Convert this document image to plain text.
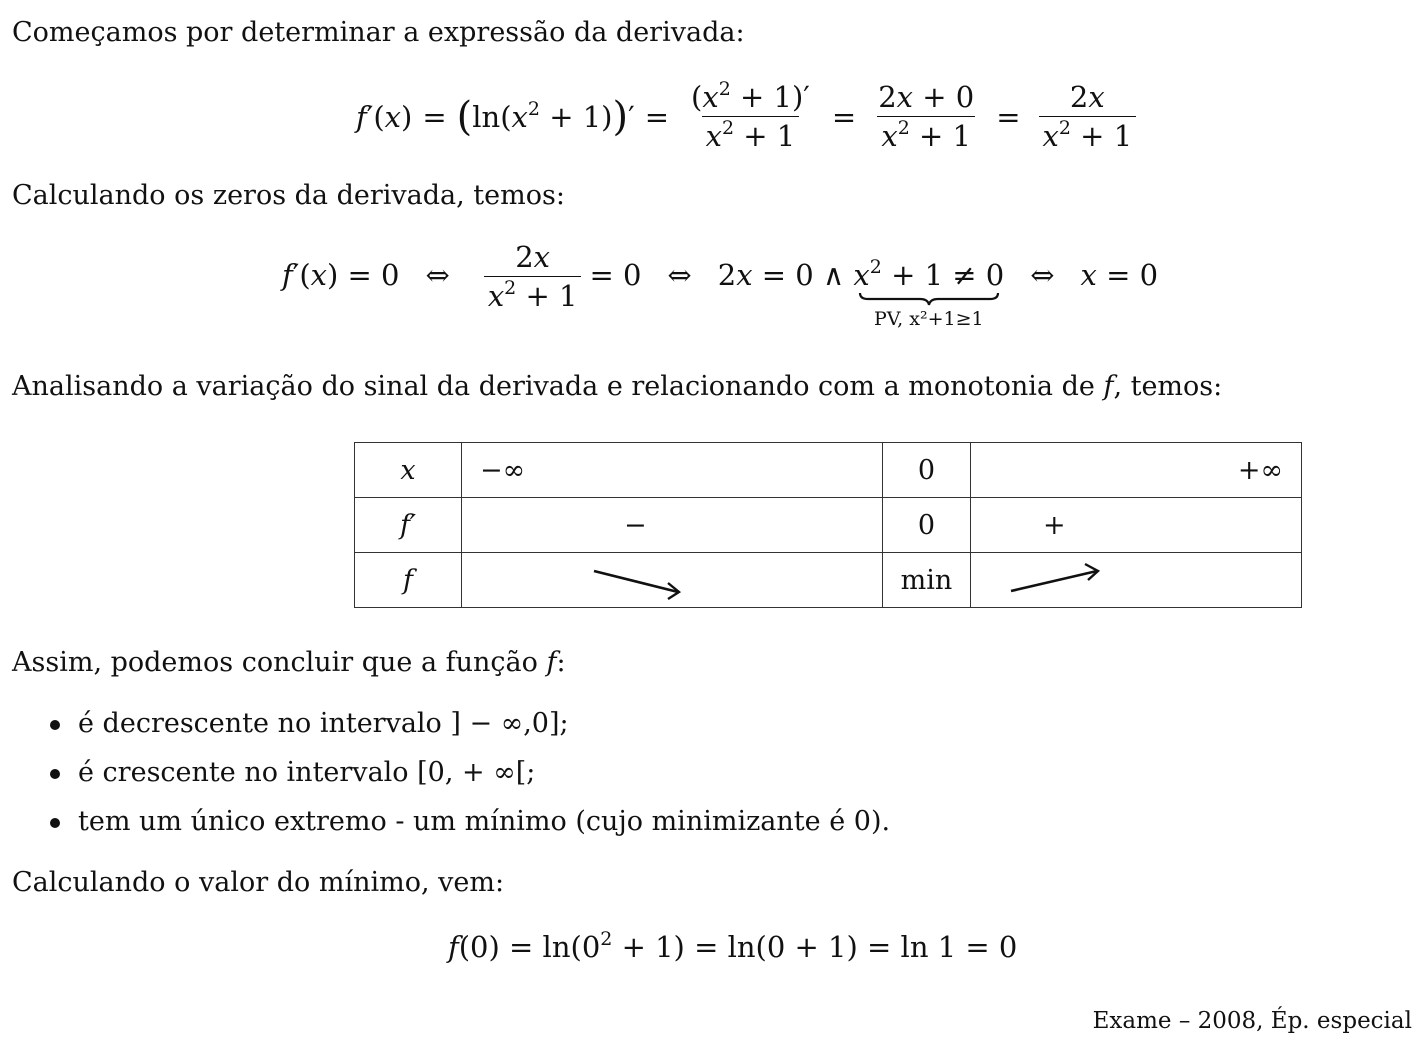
Começamos por determinar a expressão da derivada:
$f'(x) = (\ln(x^2 + 1))' = \frac{(x^2 + 1)'}{x^2 + 1} = \frac{2x + 0}{x^2 + 1} = \frac{2x}{x^2 + 1}$
Calculando os zeros da derivada, temos:
f′(x) = 0 ⇔ $\frac{2x}{x^2 + 1} = 0$ ⇔ 2x = 0 ∧ $x^2 + 1 \ne 0$
PV, x²+1≥1
⇔ x = 0
Analisando a variação do sinal da derivada e relacionando com a monotonia de f, temos:
x	−∞	0	+∞
f′	−	0	+
f		min	
Assim, podemos concluir que a função f:
é decrescente no intervalo ] − ∞,0];
é crescente no intervalo [0, + ∞[;
tem um único extremo - um mínimo (cujo minimizante é 0).
Calculando o valor do mínimo, vem:
$f(0) = \ln(0^2 + 1) = \ln(0 + 1) = \ln 1 = 0$
Exame – 2008, Ép. especial
